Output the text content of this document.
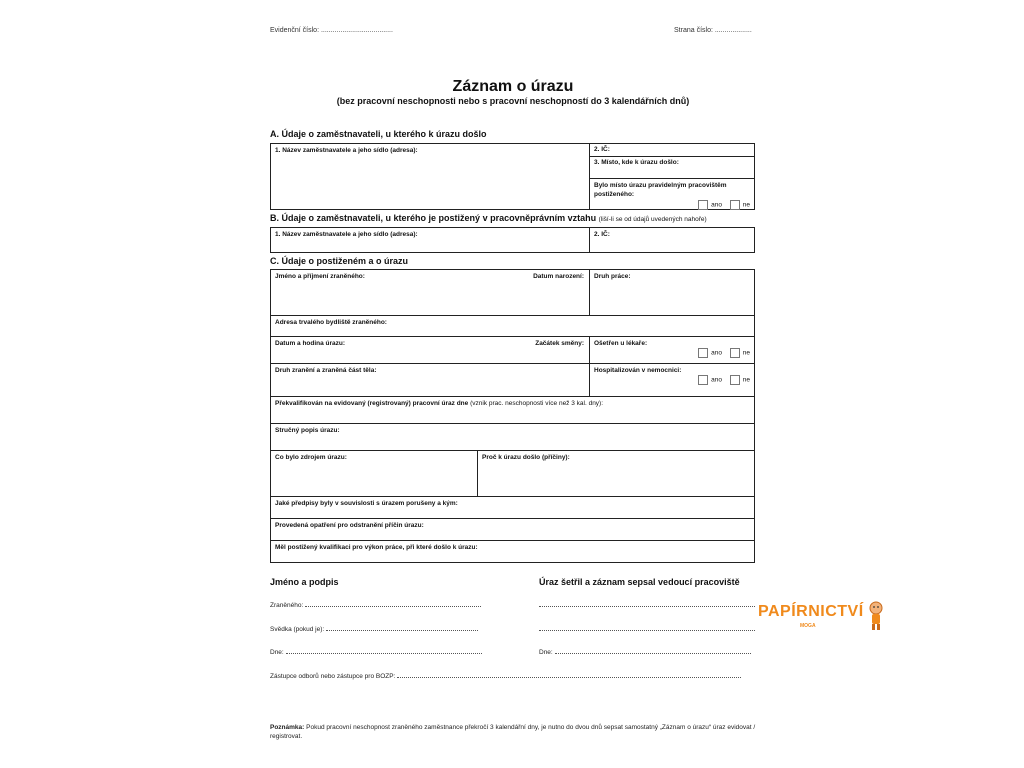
Evidenční číslo: .....................................	Strana číslo: ...................
Záznam o úrazu
(bez pracovní neschopnosti nebo s pracovní neschopností do 3 kalendářních dnů)
A. Údaje o zaměstnavateli, u kterého k úrazu došlo
1. Název zaměstnavatele a jeho sídlo (adresa):	2. IČ:
3. Místo, kde k úrazu došlo:
Bylo místo úrazu pravidelným pracovištěm postiženého:
ano	ne
B. Údaje o zaměstnavateli, u kterého je postižený v pracovněprávním vztahu (liší-li se od údajů uvedených nahoře)
1. Název zaměstnavatele a jeho sídlo (adresa):	2. IČ:
C. Údaje o postiženém a o úrazu
Jméno a příjmení zraněného:	Datum narození:	Druh práce:
Adresa trvalého bydliště zraněného:
Datum a hodina úrazu:	Začátek směny:	Ošetřen u lékaře:
ano	ne
Druh zranění a zraněná část těla:	Hospitalizován v nemocnici:
ano	ne
Překvalifikován na evidovaný (registrovaný) pracovní úraz dne (vznik prac. neschopnosti více než 3 kal. dny):
Stručný popis úrazu:
Co bylo zdrojem úrazu:	Proč k úrazu došlo (příčiny):
Jaké předpisy byly v souvislosti s úrazem porušeny a kým:
Provedená opatření pro odstranění příčin úrazu:
Měl postižený kvalifikaci pro výkon práce, při které došlo k úrazu:
Jméno a podpis	Úraz šetřil a záznam sepsal vedoucí pracoviště
Zraněného:
Svědka (pokud je):
Dne:	Dne:
Zástupce odborů nebo zástupce pro BOZP:
Poznámka: Pokud pracovní neschopnost zraněného zaměstnance překročí 3 kalendářní dny, je nutno do dvou dnů sepsat samostatný „Záznam o úrazu“ úraz evidovat / registrovat.
PAPÍRNICTVÍ
MOGA
